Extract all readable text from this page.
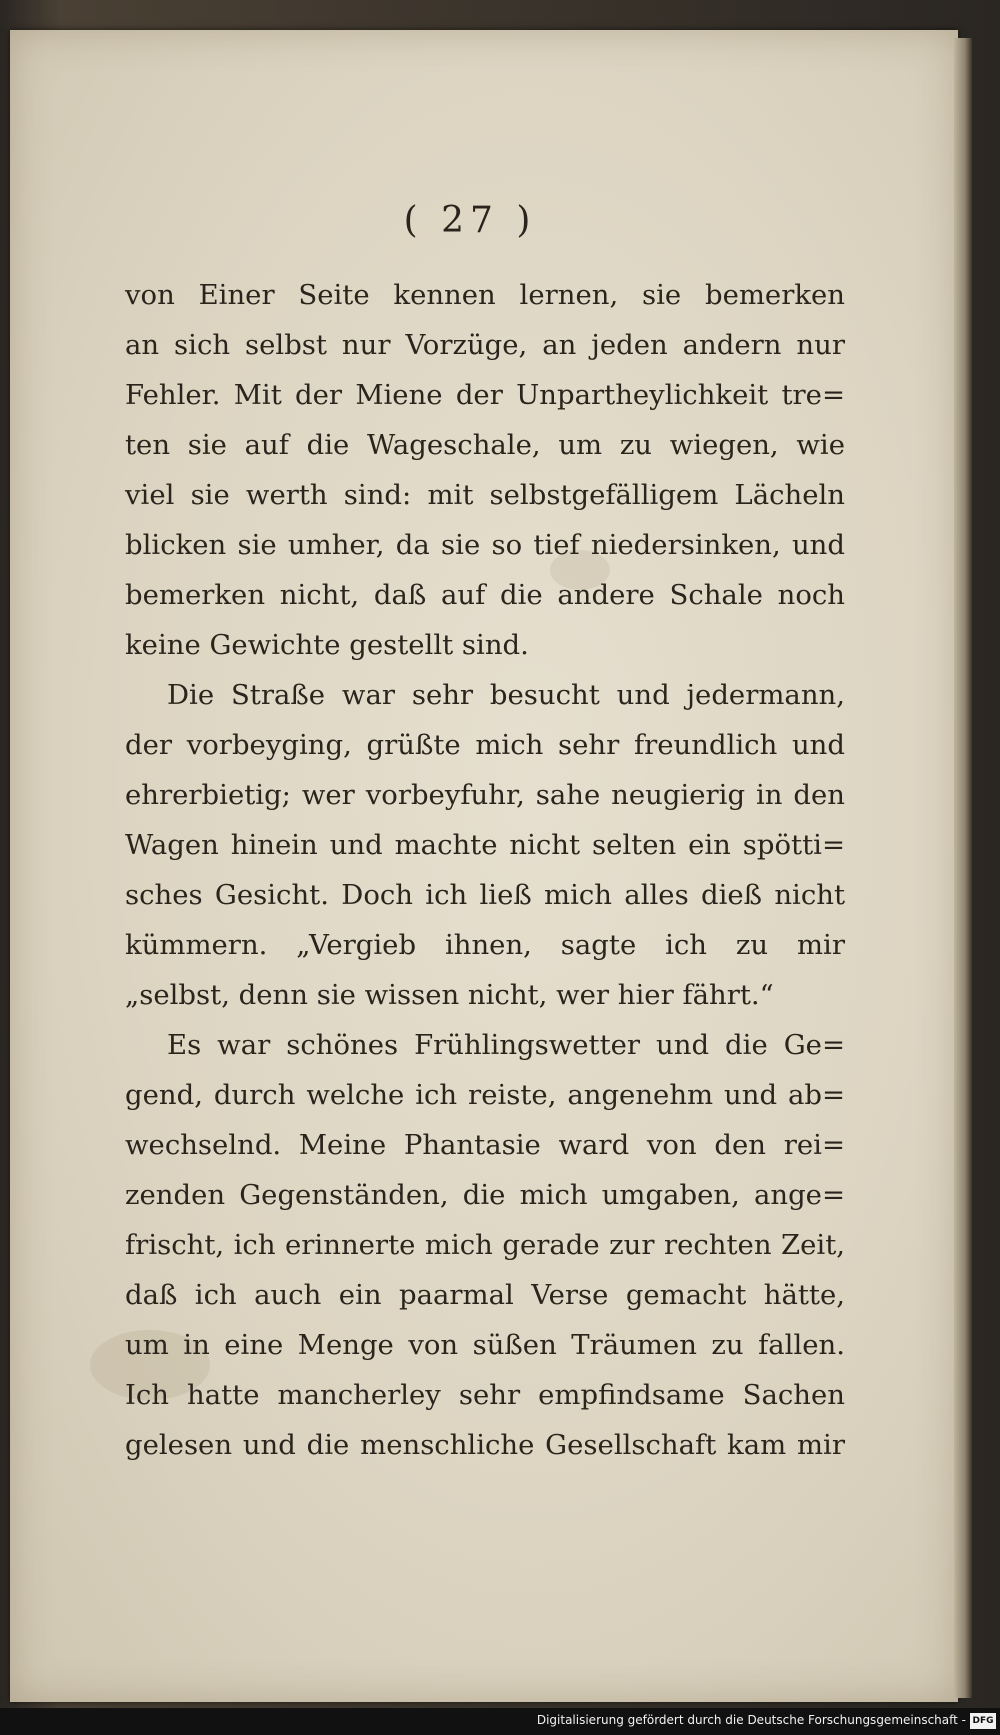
( 27 )
von Einer Seite kennen lernen, sie bemerken
an sich selbst nur Vorzüge, an jeden andern nur
Fehler. Mit der Miene der Unpartheylichkeit tre=
ten sie auf die Wageschale, um zu wiegen, wie
viel sie werth sind: mit selbstgefälligem Lächeln
blicken sie umher, da sie so tief niedersinken, und
bemerken nicht, daß auf die andere Schale noch
keine Gewichte gestellt sind.
Die Straße war sehr besucht und jedermann,
der vorbeyging, grüßte mich sehr freundlich und
ehrerbietig; wer vorbeyfuhr, sahe neugierig in den
Wagen hinein und machte nicht selten ein spötti=
sches Gesicht. Doch ich ließ mich alles dieß nicht
kümmern. „Vergieb ihnen, sagte ich zu mir
„selbst, denn sie wissen nicht, wer hier fährt.“
Es war schönes Frühlingswetter und die Ge=
gend, durch welche ich reiste, angenehm und ab=
wechselnd. Meine Phantasie ward von den rei=
zenden Gegenständen, die mich umgaben, ange=
frischt, ich erinnerte mich gerade zur rechten Zeit,
daß ich auch ein paarmal Verse gemacht hätte,
um in eine Menge von süßen Träumen zu fallen.
Ich hatte mancherley sehr empfindsame Sachen
gelesen und die menschliche Gesellschaft kam mir
Digitalisierung gefördert durch die Deutsche Forschungsgemeinschaft - DFG
